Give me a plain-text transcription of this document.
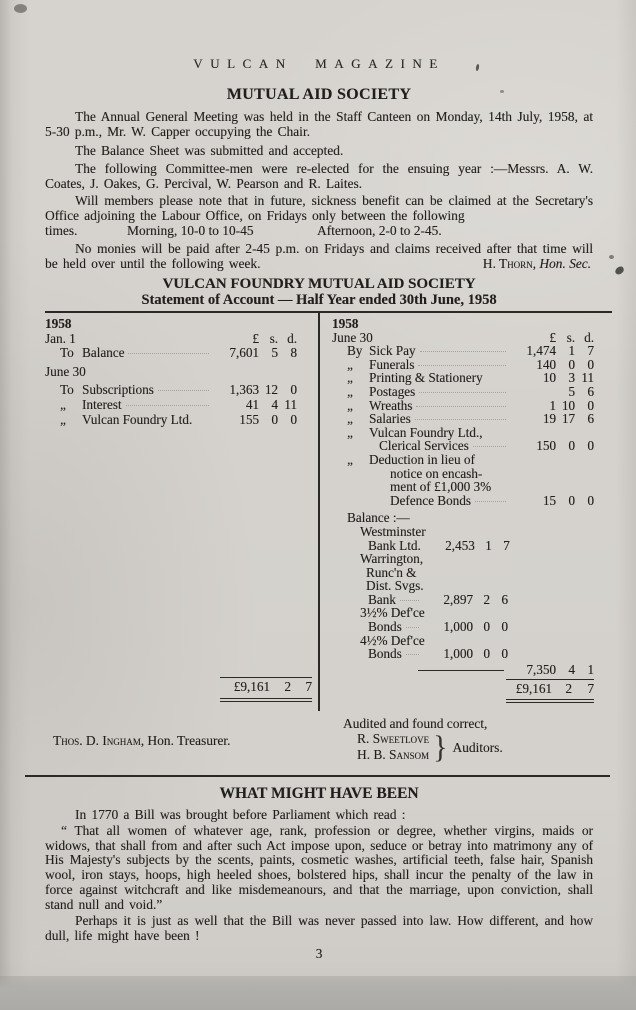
VULCAN MAGAZINE
MUTUAL AID SOCIETY

The Annual General Meeting was held in the Staff Canteen on Monday, 14th July, 1958, at 5-30 p.m., Mr. W. Capper occupying the Chair.

The Balance Sheet was submitted and accepted.

The following Committee-men were re-elected for the ensuing year :—Messrs. A. W. Coates, J. Oakes, G. Percival, W. Pearson and R. Laites.

Will members please note that in future, sickness benefit can be claimed at the Secretary's Office adjoining the Labour Office, on Fridays only between the following

times.	Morning, 10-0 to 10-45	Afternoon, 2-0 to 2-45.

No monies will be paid after 2-45 p.m. on Fridays and claims received after that time will be held over until the following week.	H. Thorn, Hon. Sec.
VULCAN FOUNDRY MUTUAL AID SOCIETY
Statement of Account — Half Year ended 30th June, 1958
1958
Jan. 1	£ s. d.
To Balance	7,601 5 8
June 30
To Subscriptions	1,363 12 0
„	Interest	41 4 11
„	Vulcan Foundry Ltd.	155 0 0
£9,161	2	7
1958
June 30	£ s. d.
By Sick Pay	1,474 1 7
„	Funerals	140 0 0
„	Printing & Stationery	10 3 11
„	Postages	5 6
„	Wreaths	1 10 0
„	Salaries	19 17 6
„	Vulcan Foundry Ltd.,
Clerical Services	150 0 0
„	Deduction in lieu of
notice on encash-
ment of £1,000 3%
Defence Bonds	15 0 0
Balance :—
Westminster
Bank Ltd.	2,453 1 7
Warrington,
Runc'n &
Dist. Svgs.
Bank	2,897 2 6
3½% Def'ce
Bonds	1,000 0 0
4½% Def'ce
Bonds	1,000 0 0
7,350 4 1
£9,161	2	7
Thos. D. Ingham, Hon. Treasurer.
Audited and found correct,
R. Sweetlove
H. B. Sansom } Auditors.
WHAT MIGHT HAVE BEEN

In 1770 a Bill was brought before Parliament which read :

“ That all women of whatever age, rank, profession or degree, whether virgins, maids or widows, that shall from and after such Act impose upon, seduce or betray into matrimony any of His Majesty's subjects by the scents, paints, cosmetic washes, artificial teeth, false hair, Spanish wool, iron stays, hoops, high heeled shoes, bolstered hips, shall incur the penalty of the law in force against witchcraft and like misdemeanours, and that the marriage, upon conviction, shall stand null and void.”

Perhaps it is just as well that the Bill was never passed into law. How different, and how dull, life might have been !

3
